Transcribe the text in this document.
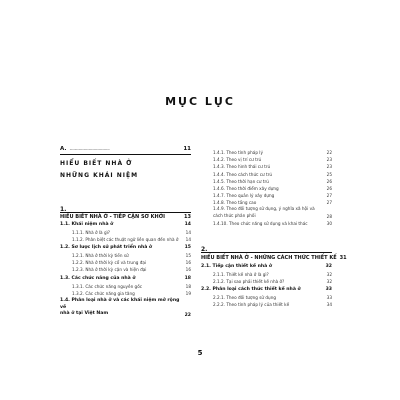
MỤC LỤC
A. ................................................	11
HIỂU BIẾT NHÀ Ở
NHỮNG KHÁI NIỆM
1.
HIỂU BIẾT NHÀ Ở - TIẾP CẬN SƠ KHỞI	13
1.1. Khái niệm nhà ở	14
1.1.1. Nhà ở là gì?	14
1.1.2. Phân biệt các thuật ngữ liên quan đến nhà ở	14
1.2. Sơ lược lịch sử phát triển nhà ở	15
1.2.1. Nhà ở thời kỳ tiền sử	15
1.2.2. Nhà ở thời kỳ cổ và trung đại	16
1.2.3. Nhà ở thời kỳ cận và hiện đại	16
1.3. Các chức năng của nhà ở	18
1.3.1. Các chức năng nguyên gốc	18
1.3.2. Các chức năng gia tăng	19
1.4. Phân loại nhà ở và các khái niệm mở rộng về
nhà ở tại Việt Nam	22
1.4.1. Theo tính pháp lý	22
1.4.2. Theo vị trí cư trú	23
1.4.3. Theo hình thái cư trú	23
1.4.4. Theo cách thức cư trú	25
1.4.5. Theo thời hạn cư trú	26
1.4.6. Theo thời điểm xây dựng	26
1.4.7. Theo quản lý xây dựng	27
1.4.8. Theo tầng cao	27
1.4.9. Theo đối tượng sử dụng, ý nghĩa xã hội và
cách thức phân phối	28
1.4.10. Theo chức năng sử dụng và khai thác	30
2.
HIỂU BIẾT NHÀ Ở - NHỮNG CÁCH THỨC THIẾT KẾ 31
2.1. Tiếp cận thiết kế nhà ở	32
2.1.1. Thiết kế nhà ở là gì?	32
2.1.2. Tại sao phải thiết kế nhà ở?	32
2.2. Phân loại cách thức thiết kế nhà ở	33
2.2.1. Theo đối tượng sử dụng	33
2.2.2. Theo tính pháp lý của thiết kế	34
5
